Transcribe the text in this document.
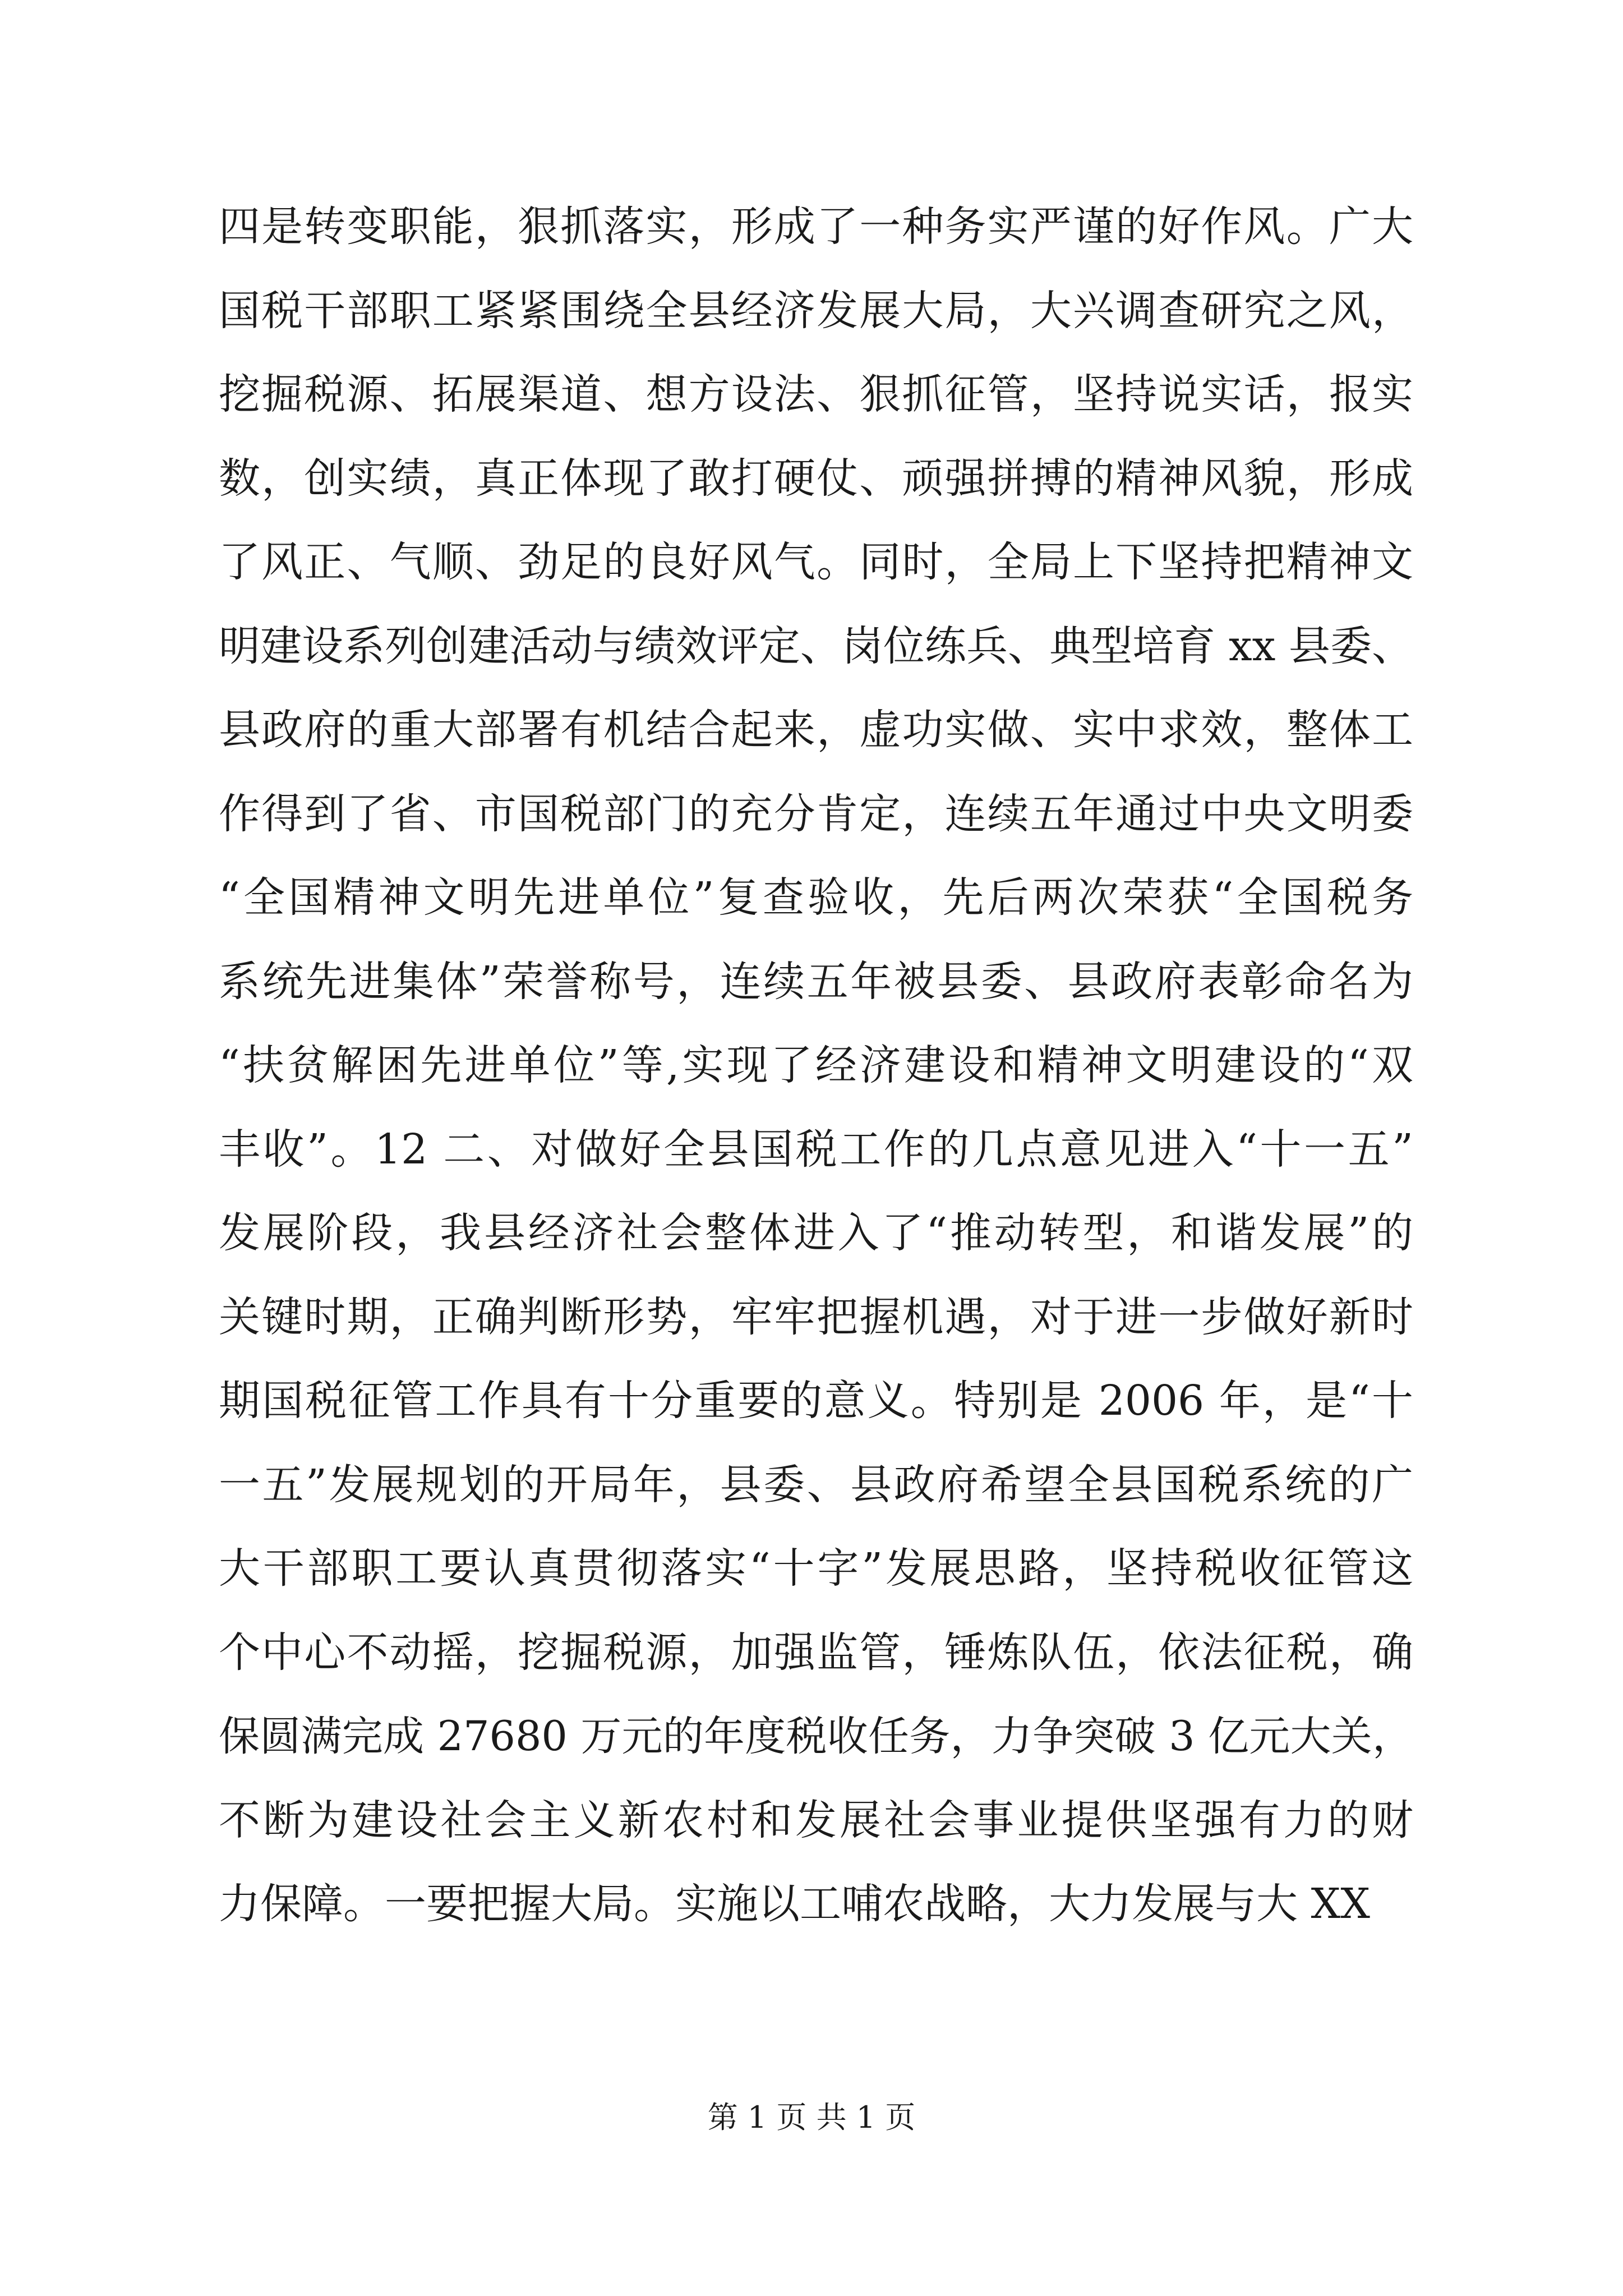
四是转变职能，狠抓落实，形成了一种务实严谨的好作风。广大
国税干部职工紧紧围绕全县经济发展大局，大兴调查研究之风，
挖掘税源、拓展渠道、想方设法、狠抓征管，坚持说实话，报实
数，创实绩，真正体现了敢打硬仗、顽强拼搏的精神风貌，形成
了风正、气顺、劲足的良好风气。同时，全局上下坚持把精神文
明建设系列创建活动与绩效评定、岗位练兵、典型培育 xx 县委、
县政府的重大部署有机结合起来，虚功实做、实中求效，整体工
作得到了省、市国税部门的充分肯定，连续五年通过中央文明委
“全国精神文明先进单位”复查验收，先后两次荣获“全国税务
系统先进集体”荣誉称号，连续五年被县委、县政府表彰命名为
“扶贫解困先进单位”等,实现了经济建设和精神文明建设的“双
丰收”。12 二、对做好全县国税工作的几点意见进入“十一五”
发展阶段，我县经济社会整体进入了“推动转型，和谐发展”的
关键时期，正确判断形势，牢牢把握机遇，对于进一步做好新时
期国税征管工作具有十分重要的意义。特别是 2006 年，是“十
一五”发展规划的开局年，县委、县政府希望全县国税系统的广
大干部职工要认真贯彻落实“十字”发展思路，坚持税收征管这
个中心不动摇，挖掘税源，加强监管，锤炼队伍，依法征税，确
保圆满完成 27680 万元的年度税收任务，力争突破 3 亿元大关，
不断为建设社会主义新农村和发展社会事业提供坚强有力的财
力保障。一要把握大局。实施以工哺农战略，大力发展与大 XX
第 1 页 共 1 页
